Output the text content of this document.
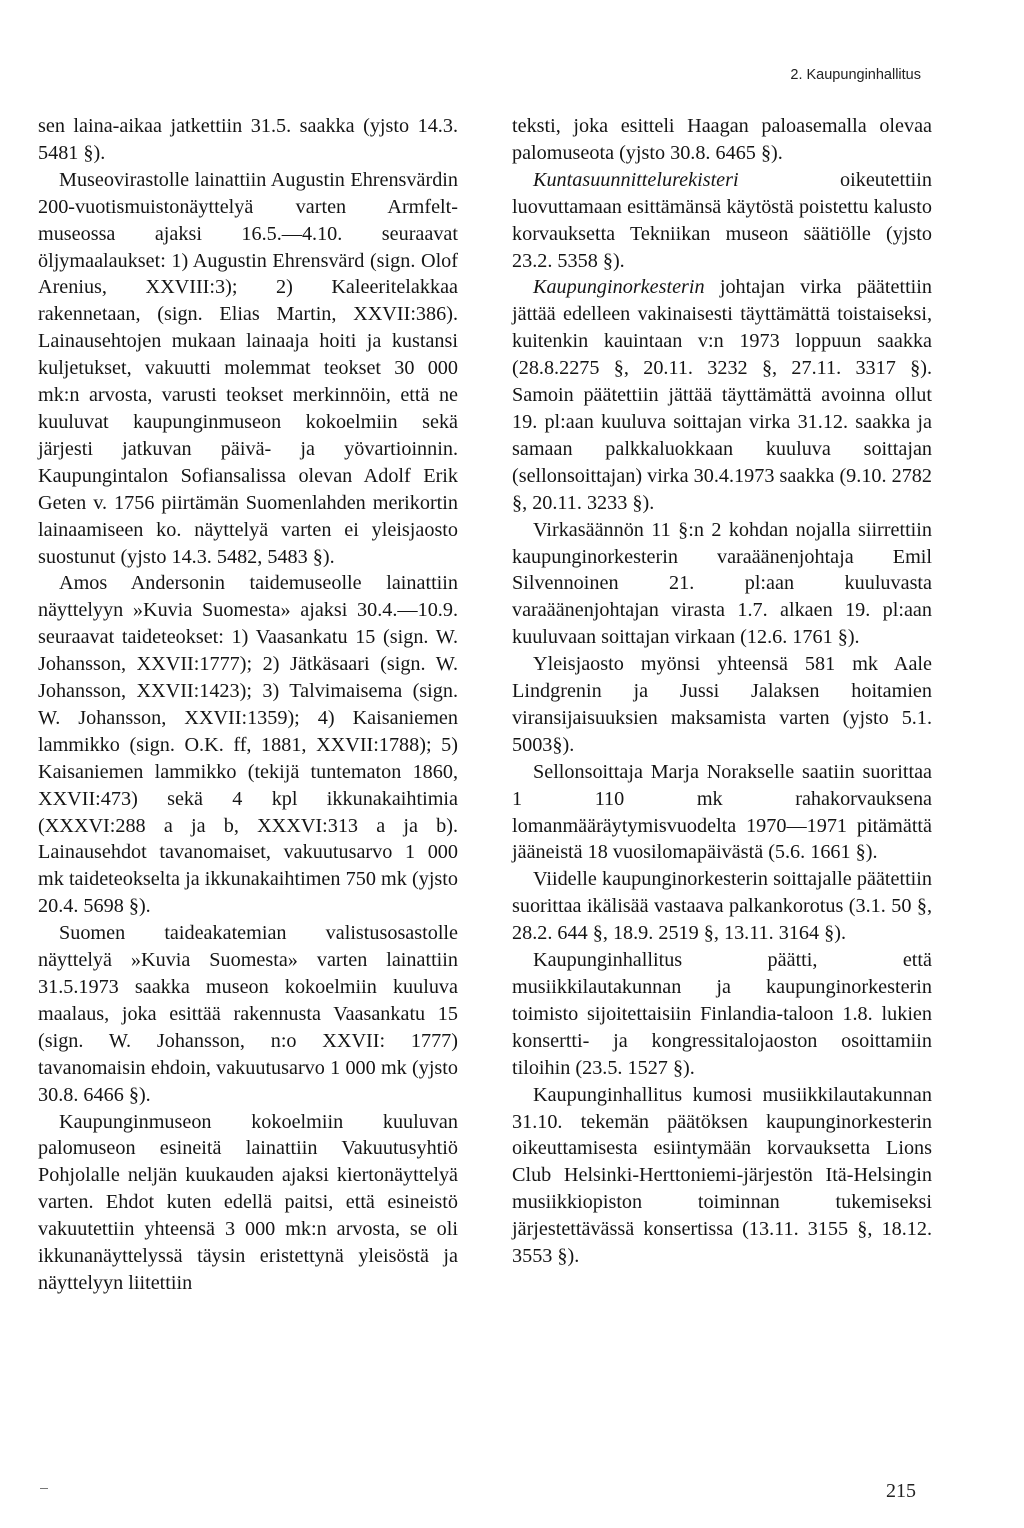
2. Kaupunginhallitus

sen laina-aikaa jatkettiin 31.5. saakka (yjsto 14.3. 5481 §).

Museovirastolle lainattiin Augustin Ehrensvärdin 200-vuotismuistonäyttelyä varten Armfelt-museossa ajaksi 16.5.—4.10. seuraavat öljymaalaukset: 1) Augustin Ehrensvärd (sign. Olof Arenius, XXVIII:3); 2) Kaleeritelakkaa rakennetaan, (sign. Elias Martin, XXVII:386). Lainausehtojen mukaan lainaaja hoiti ja kustansi kuljetukset, vakuutti molemmat teokset 30 000 mk:n arvosta, varusti teokset merkinnöin, että ne kuuluvat kaupunginmuseon kokoelmiin sekä järjesti jatkuvan päivä- ja yövartioinnin. Kaupungintalon Sofiansalissa olevan Adolf Erik Geten v. 1756 piirtämän Suomenlahden merikortin lainaamiseen ko. näyttelyä varten ei yleisjaosto suostunut (yjsto 14.3. 5482, 5483 §).

Amos Andersonin taidemuseolle lainattiin näyttelyyn »Kuvia Suomesta» ajaksi 30.4.—10.9. seuraavat taideteokset: 1) Vaasankatu 15 (sign. W. Johansson, XXVII:1777); 2) Jätkäsaari (sign. W. Johansson, XXVII:1423); 3) Talvimaisema (sign. W. Johansson, XXVII:1359); 4) Kaisaniemen lammikko (sign. O.K. ff, 1881, XXVII:1788); 5) Kaisaniemen lammikko (tekijä tuntematon 1860, XXVII:473) sekä 4 kpl ikkunakaihtimia (XXXVI:288 a ja b, XXXVI:313 a ja b). Lainausehdot tavanomaiset, vakuutusarvo 1 000 mk taideteokselta ja ikkunakaihtimen 750 mk (yjsto 20.4. 5698 §).

Suomen taideakatemian valistusosastolle näyttelyä »Kuvia Suomesta» varten lainattiin 31.5.1973 saakka museon kokoelmiin kuuluva maalaus, joka esittää rakennusta Vaasankatu 15 (sign. W. Johansson, n:o XXVII: 1777) tavanomaisin ehdoin, vakuutusarvo 1 000 mk (yjsto 30.8. 6466 §).

Kaupunginmuseon kokoelmiin kuuluvan palomuseon esineitä lainattiin Vakuutusyhtiö Pohjolalle neljän kuukauden ajaksi kiertonäyttelyä varten. Ehdot kuten edellä paitsi, että esineistö vakuutettiin yhteensä 3 000 mk:n arvosta, se oli ikkunanäyttelyssä täysin eristettynä yleisöstä ja näyttelyyn liitettiin

teksti, joka esitteli Haagan paloasemalla olevaa palomuseota (yjsto 30.8. 6465 §).

Kuntasuunnittelurekisteri oikeutettiin luovuttamaan esittämänsä käytöstä poistettu kalusto korvauksetta Tekniikan museon säätiölle (yjsto 23.2. 5358 §).

Kaupunginorkesterin johtajan virka päätettiin jättää edelleen vakinaisesti täyttämättä toistaiseksi, kuitenkin kauintaan v:n 1973 loppuun saakka (28.8.2275 §, 20.11. 3232 §, 27.11. 3317 §). Samoin päätettiin jättää täyttämättä avoinna ollut 19. pl:aan kuuluva soittajan virka 31.12. saakka ja samaan palkkaluokkaan kuuluva soittajan (sellonsoittajan) virka 30.4.1973 saakka (9.10. 2782 §, 20.11. 3233 §).

Virkasäännön 11 §:n 2 kohdan nojalla siirrettiin kaupunginorkesterin varaäänenjohtaja Emil Silvennoinen 21. pl:aan kuuluvasta varaäänenjohtajan virasta 1.7. alkaen 19. pl:aan kuuluvaan soittajan virkaan (12.6. 1761 §).

Yleisjaosto myönsi yhteensä 581 mk Aale Lindgrenin ja Jussi Jalaksen hoitamien viransijaisuuksien maksamista varten (yjsto 5.1. 5003§).

Sellonsoittaja Marja Norakselle saatiin suorittaa 1 110 mk rahakorvauksena lomanmääräytymisvuodelta 1970—1971 pitämättä jääneistä 18 vuosilomapäivästä (5.6. 1661 §).

Viidelle kaupunginorkesterin soittajalle päätettiin suorittaa ikälisää vastaava palkankorotus (3.1. 50 §, 28.2. 644 §, 18.9. 2519 §, 13.11. 3164 §).

Kaupunginhallitus päätti, että musiikkilautakunnan ja kaupunginorkesterin toimisto sijoitettaisiin Finlandia-taloon 1.8. lukien konsertti- ja kongressitalojaoston osoittamiin tiloihin (23.5. 1527 §).

Kaupunginhallitus kumosi musiikkilautakunnan 31.10. tekemän päätöksen kaupunginorkesterin oikeuttamisesta esiintymään korvauksetta Lions Club Helsinki-Herttoniemi-järjestön Itä-Helsingin musiikkiopiston toiminnan tukemiseksi järjestettävässä konsertissa (13.11. 3155 §, 18.12. 3553 §).

215
